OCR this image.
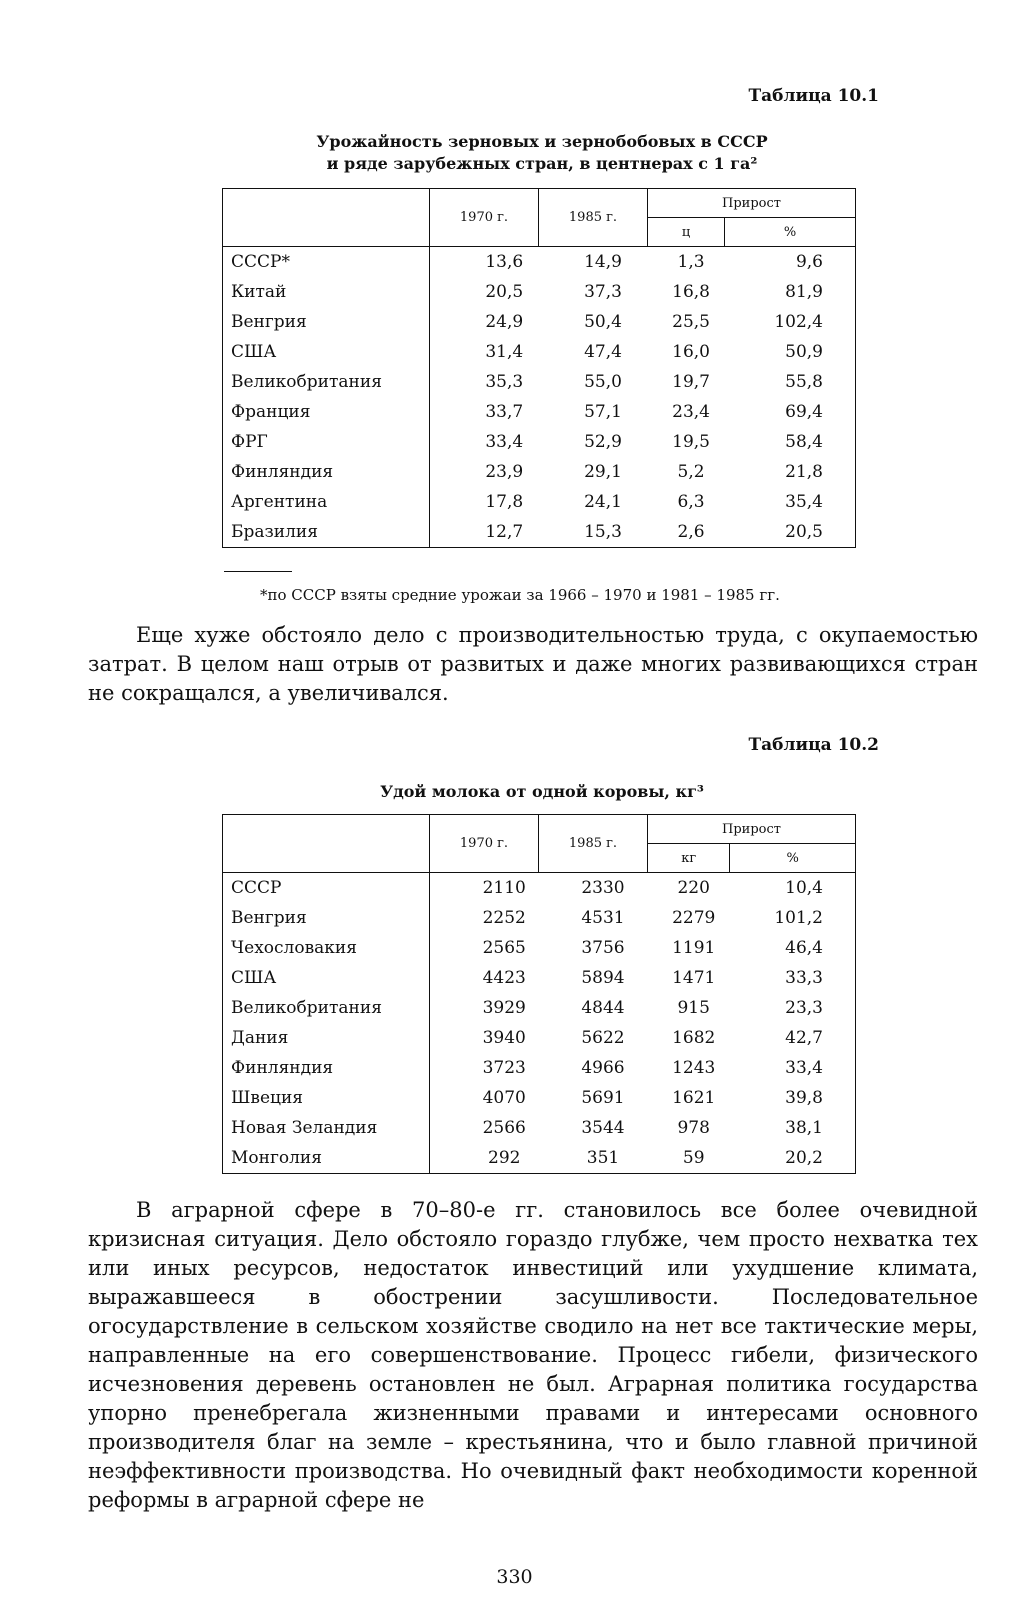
Таблица 10.1
Урожайность зерновых и зернобобовых в СССР
и ряде зарубежных стран, в центнерах с 1 га²
	1970 г.	1985 г.	Прирост	
			ц	%
СССР*	13,6	14,9	1,3	9,6
Китай	20,5	37,3	16,8	81,9
Венгрия	24,9	50,4	25,5	102,4
США	31,4	47,4	16,0	50,9
Великобритания	35,3	55,0	19,7	55,8
Франция	33,7	57,1	23,4	69,4
ФРГ	33,4	52,9	19,5	58,4
Финляндия	23,9	29,1	5,2	21,8
Аргентина	17,8	24,1	6,3	35,4
Бразилия	12,7	15,3	2,6	20,5
*по СССР взяты средние урожаи за 1966 – 1970 и 1981 – 1985 гг.

Еще хуже обстояло дело с производительностью труда, с окупаемостью затрат. В целом наш отрыв от развитых и даже многих развивающихся стран не сокращался, а увеличивался.

Таблица 10.2
Удой молока от одной коровы, кг³
	1970 г.	1985 г.	Прирост	
			кг	%
СССР	2110	2330	220	10,4
Венгрия	2252	4531	2279	101,2
Чехословакия	2565	3756	1191	46,4
США	4423	5894	1471	33,3
Великобритания	3929	4844	915	23,3
Дания	3940	5622	1682	42,7
Финляндия	3723	4966	1243	33,4
Швеция	4070	5691	1621	39,8
Новая Зеландия	2566	3544	978	38,1
Монголия	292	351	59	20,2

В аграрной сфере в 70–80-е гг. становилось все более очевидной кризисная ситуация. Дело обстояло гораздо глубже, чем просто нехватка тех или иных ресурсов, недостаток инвестиций или ухудшение климата, выражавшееся в обострении засушливости. Последовательное огосударствление в сельском хозяйстве сводило на нет все тактические меры, направленные на его совершенствование. Процесс гибели, физического исчезновения деревень остановлен не был. Аграрная политика государства упорно пренебрегала жизненными правами и интересами основного производителя благ на земле – крестьянина, что и было главной причиной неэффективности производства. Но очевидный факт необходимости коренной реформы в аграрной сфере не

330
